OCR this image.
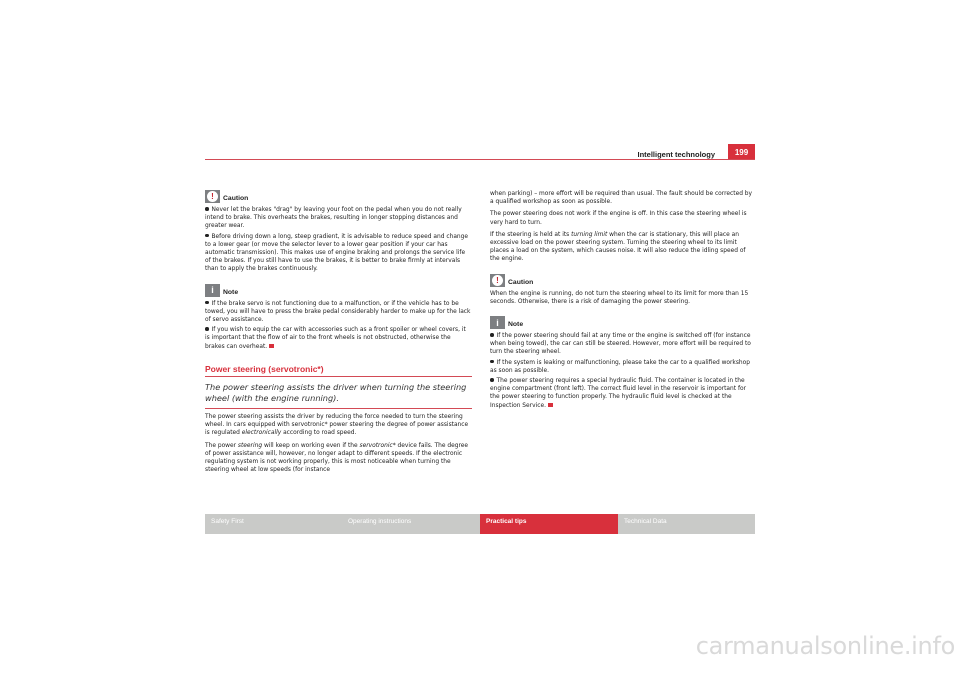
Intelligent technology	199
!	Caution

Never let the brakes "drag" by leaving your foot on the pedal when you do not really intend to brake. This overheats the brakes, resulting in longer stopping distances and greater wear.

Before driving down a long, steep gradient, it is advisable to reduce speed and change to a lower gear (or move the selector lever to a lower gear position if your car has automatic transmission). This makes use of engine braking and prolongs the service life of the brakes. If you still have to use the brakes, it is better to brake firmly at intervals than to apply the brakes continuously.

i	Note

If the brake servo is not functioning due to a malfunction, or if the vehicle has to be towed, you will have to press the brake pedal considerably harder to make up for the lack of servo assistance.

If you wish to equip the car with accessories such as a front spoiler or wheel covers, it is important that the flow of air to the front wheels is not obstructed, otherwise the brakes can overheat.

Power steering (servotronic*)
The power steering assists the driver when turning the steering wheel (with the engine running).

The power steering assists the driver by reducing the force needed to turn the steering wheel. In cars equipped with servotronic* power steering the degree of power assistance is regulated electronically according to road speed.

The power steering will keep on working even if the servotronic* device fails. The degree of power assistance will, however, no longer adapt to different speeds. If the electronic regulating system is not working properly, this is most noticeable when turning the steering wheel at low speeds (for instance

when parking) – more effort will be required than usual. The fault should be corrected by a qualified workshop as soon as possible.

The power steering does not work if the engine is off. In this case the steering wheel is very hard to turn.

If the steering is held at its turning limit when the car is stationary, this will place an excessive load on the power steering system. Turning the steering wheel to its limit places a load on the system, which causes noise. It will also reduce the idling speed of the engine.

!	Caution

When the engine is running, do not turn the steering wheel to its limit for more than 15 seconds. Otherwise, there is a risk of damaging the power steering.

i	Note

If the power steering should fail at any time or the engine is switched off (for instance when being towed), the car can still be steered. However, more effort will be required to turn the steering wheel.

If the system is leaking or malfunctioning, please take the car to a qualified workshop as soon as possible.

The power steering requires a special hydraulic fluid. The container is located in the engine compartment (front left). The correct fluid level in the reservoir is important for the power steering to function properly. The hydraulic fluid level is checked at the Inspection Service.

Safety First	Operating instructions	Practical tips	Technical Data
carmanualsonline.info
